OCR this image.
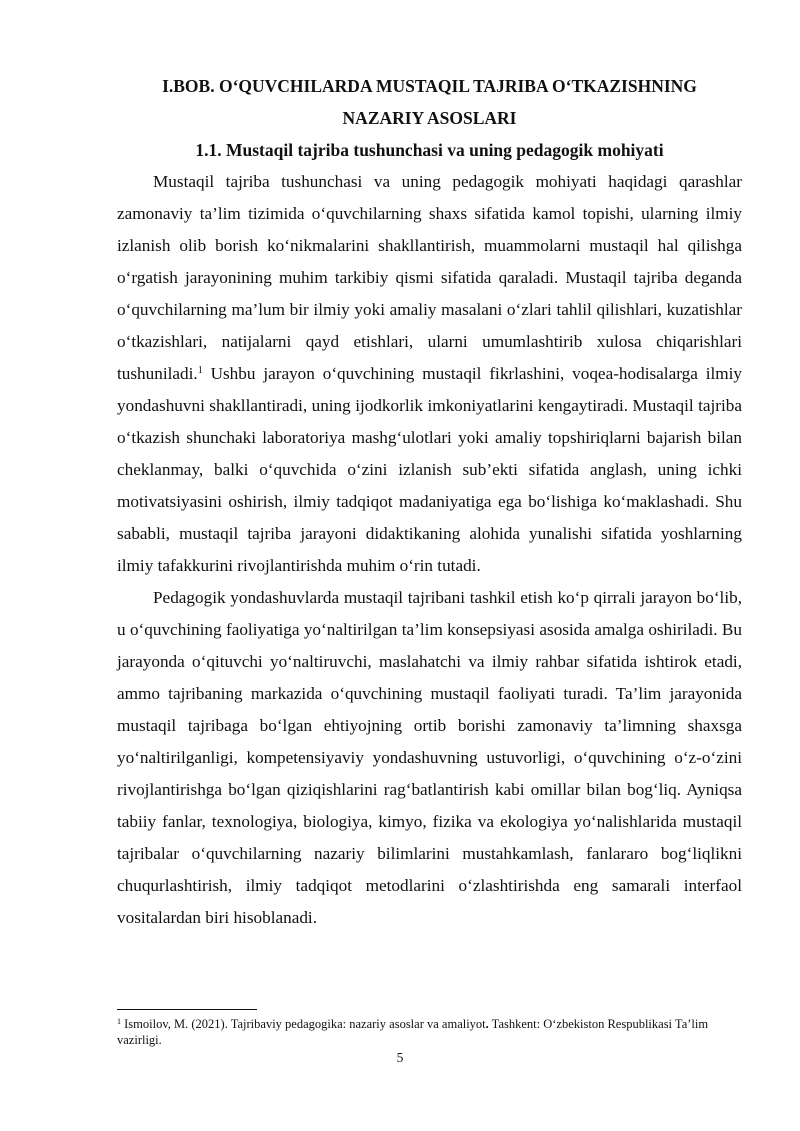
I.BOB. O‘QUVCHILARDA MUSTAQIL TAJRIBA O‘TKAZISHNING

NAZARIY ASOSLARI

1.1. Mustaqil tajriba tushunchasi va uning pedagogik mohiyati

Mustaqil tajriba tushunchasi va uning pedagogik mohiyati haqidagi qarashlar zamonaviy ta’lim tizimida o‘quvchilarning shaxs sifatida kamol topishi, ularning ilmiy izlanish olib borish ko‘nikmalarini shakllantirish, muammolarni mustaqil hal qilishga o‘rgatish jarayonining muhim tarkibiy qismi sifatida qaraladi. Mustaqil tajriba deganda o‘quvchilarning ma’lum bir ilmiy yoki amaliy masalani o‘zlari tahlil qilishlari, kuzatishlar o‘tkazishlari, natijalarni qayd etishlari, ularni umumlashtirib xulosa chiqarishlari tushuniladi.$^1$ Ushbu jarayon o‘quvchining mustaqil fikrlashini, voqea-hodisalarga ilmiy yondashuvni shakllantiradi, uning ijodkorlik imkoniyatlarini kengaytiradi. Mustaqil tajriba o‘tkazish shunchaki laboratoriya mashg‘ulotlari yoki amaliy topshiriqlarni bajarish bilan cheklanmay, balki o‘quvchida o‘zini izlanish sub’ekti sifatida anglash, uning ichki motivatsiyasini oshirish, ilmiy tadqiqot madaniyatiga ega bo‘lishiga ko‘maklashadi. Shu sababli, mustaqil tajriba jarayoni didaktikaning alohida yunalishi sifatida yoshlarning ilmiy tafakkurini rivojlantirishda muhim o‘rin tutadi.

Pedagogik yondashuvlarda mustaqil tajribani tashkil etish ko‘p qirrali jarayon bo‘lib, u o‘quvchining faoliyatiga yo‘naltirilgan ta’lim konsepsiyasi asosida amalga oshiriladi. Bu jarayonda o‘qituvchi yo‘naltiruvchi, maslahatchi va ilmiy rahbar sifatida ishtirok etadi, ammo tajribaning markazida o‘quvchining mustaqil faoliyati turadi. Ta’lim jarayonida mustaqil tajribaga bo‘lgan ehtiyojning ortib borishi zamonaviy ta’limning shaxsga yo‘naltirilganligi, kompetensiyaviy yondashuvning ustuvorligi, o‘quvchining o‘z-o‘zini rivojlantirishga bo‘lgan qiziqishlarini rag‘batlantirish kabi omillar bilan bog‘liq. Ayniqsa tabiiy fanlar, texnologiya, biologiya, kimyo, fizika va ekologiya yo‘nalishlarida mustaqil tajribalar o‘quvchilarning nazariy bilimlarini mustahkamlash, fanlararo bog‘liqlikni chuqurlashtirish, ilmiy tadqiqot metodlarini o‘zlashtirishda eng samarali interfaol vositalardan biri hisoblanadi.

$^1$ Ismoilov, M. (2021). Tajribaviy pedagogika: nazariy asoslar va amaliyot. Tashkent: O‘zbekiston Respublikasi Ta’lim vazirligi.

5
